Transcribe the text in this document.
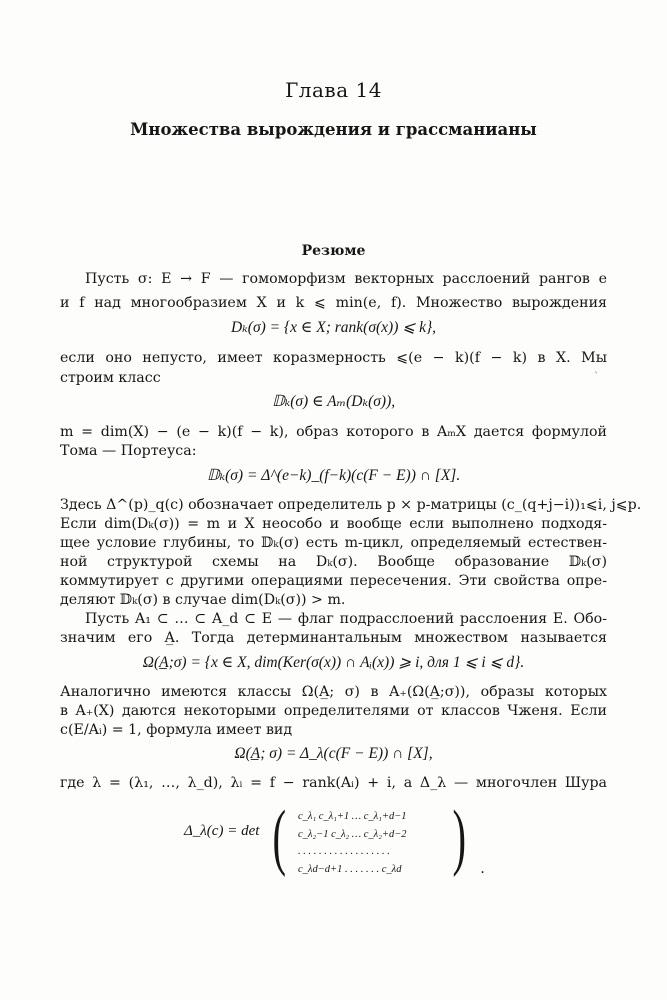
Глава 14
Множества вырождения и грассманианы
Резюме
Пусть σ: E → F — гомоморфизм векторных расслоений рангов e
и f над многообразием X и k ⩽ min(e, f). Множество вырождения
Dₖ(σ) = {x ∈ X; rank(σ(x)) ⩽ k},
если оно непусто, имеет коразмерность ⩽(e − k)(f − k) в X. Мы
строим класс	`
𝔻ₖ(σ) ∈ Aₘ(Dₖ(σ)),
m = dim(X) − (e − k)(f − k), образ которого в AₘX дается формулой
Тома — Портеуса:
𝔻ₖ(σ) = Δ^(e−k)_(f−k)(c(F − E)) ∩ [X].
Здесь Δ^(p)_q(c) обозначает определитель p × p-матрицы (c_(q+j−i))₁⩽i, j⩽p.
Если dim(Dₖ(σ)) = m и X неособо и вообще если выполнено подходя-
щее условие глубины, то 𝔻ₖ(σ) есть m-цикл, определяемый естествен-
ной структурой схемы на Dₖ(σ). Вообще образование 𝔻ₖ(σ)
коммутирует с другими операциями пересечения. Эти свойства опре-
деляют 𝔻ₖ(σ) в случае dim(Dₖ(σ)) > m.
Пусть A₁ ⊂ … ⊂ A_d ⊂ E — флаг подрасслоений расслоения E. Обо-
значим его A̲. Тогда детерминантальным множеством называется
Ω(A̲;σ) = {x ∈ X, dim(Ker(σ(x)) ∩ Aᵢ(x)) ⩾ i, для 1 ⩽ i ⩽ d}.
Аналогично имеются классы Ω(A̲; σ) в A₊(Ω(A̲;σ)), образы которых
в A₊(X) даются некоторыми определителями от классов Чженя. Если
c(E/Aᵢ) = 1, формула имеет вид
Ω(A̲; σ) = Δ_λ(c(F − E)) ∩ [X],
где λ = (λ₁, …, λ_d), λᵢ = f − rank(Aᵢ) + i, а Δ_λ — многочлен Шура
Δ_λ(c) = det ( c_λ₁ c_λ₁+1 … c_λ₁+d−1
c_λ₂−1 c_λ₂ … c_λ₂+d−2
. . . . . . . . . . . . . . . . . .
c_λd−d+1 . . . . . . . c_λd ) .
